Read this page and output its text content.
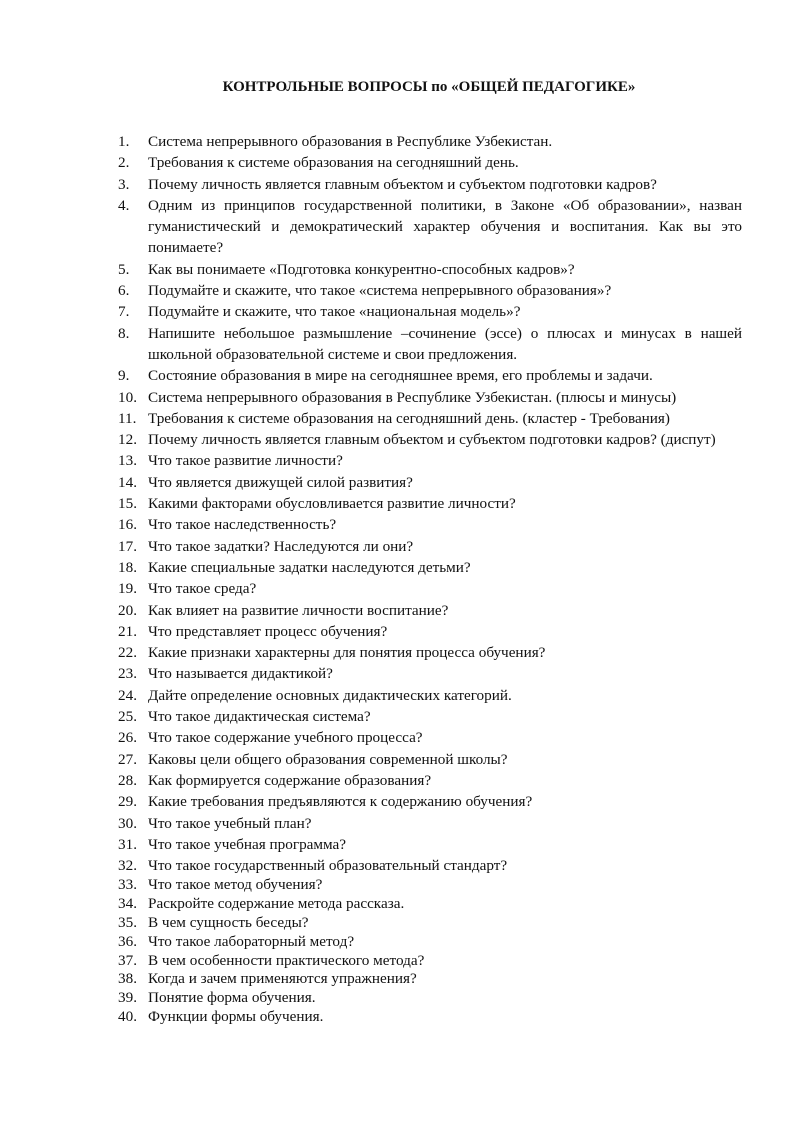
КОНТРОЛЬНЫЕ ВОПРОСЫ по «ОБЩЕЙ ПЕДАГОГИКЕ»
1.	Система непрерывного образования в Республике Узбекистан.
2.	Требования к системе образования на сегодняшний день.
3.	Почему личность является главным объектом и субъектом подготовки кадров?
4.	Одним из принципов государственной политики, в Законе «Об образовании», назван гуманистический и демократический характер обучения и воспитания. Как вы это понимаете?
5.	Как вы понимаете «Подготовка конкурентно-способных кадров»?
6.	Подумайте и скажите, что такое «система непрерывного образования»?
7.	Подумайте и скажите, что такое «национальная модель»?
8.	Напишите небольшое размышление –сочинение (эссе) о плюсах и минусах в нашей школьной образовательной системе и свои предложения.
9.	Состояние образования в мире на сегодняшнее время, его проблемы и задачи.
10. Система непрерывного образования в Республике Узбекистан. (плюсы и минусы)
11. Требования к системе образования на сегодняшний день. (кластер - Требования)
12. Почему личность является главным объектом и субъектом подготовки кадров? (диспут)
13. Что такое развитие личности?
14. Что является движущей силой развития?
15. Какими факторами обусловливается развитие личности?
16. Что такое наследственность?
17. Что такое задатки? Наследуются ли они?
18. Какие специальные задатки наследуются детьми?
19. Что такое среда?
20. Как влияет на развитие личности воспитание?
21. Что представляет процесс обучения?
22. Какие признаки характерны для понятия процесса обучения?
23. Что называется дидактикой?
24. Дайте определение основных дидактических категорий.
25. Что такое дидактическая система?
26. Что такое содержание учебного процесса?
27. Каковы цели общего образования современной школы?
28. Как формируется содержание образования?
29. Какие требования предъявляются к содержанию обучения?
30. Что такое учебный план?
31. Что такое учебная программа?
32. Что такое государственный образовательный стандарт?
33. Что такое метод обучения?
34. Раскройте содержание метода рассказа.
35. В чем сущность беседы?
36. Что такое лабораторный метод?
37. В чем особенности практического метода?
38. Когда и зачем применяются упражнения?
39. Понятие форма обучения.
40. Функции формы обучения.
